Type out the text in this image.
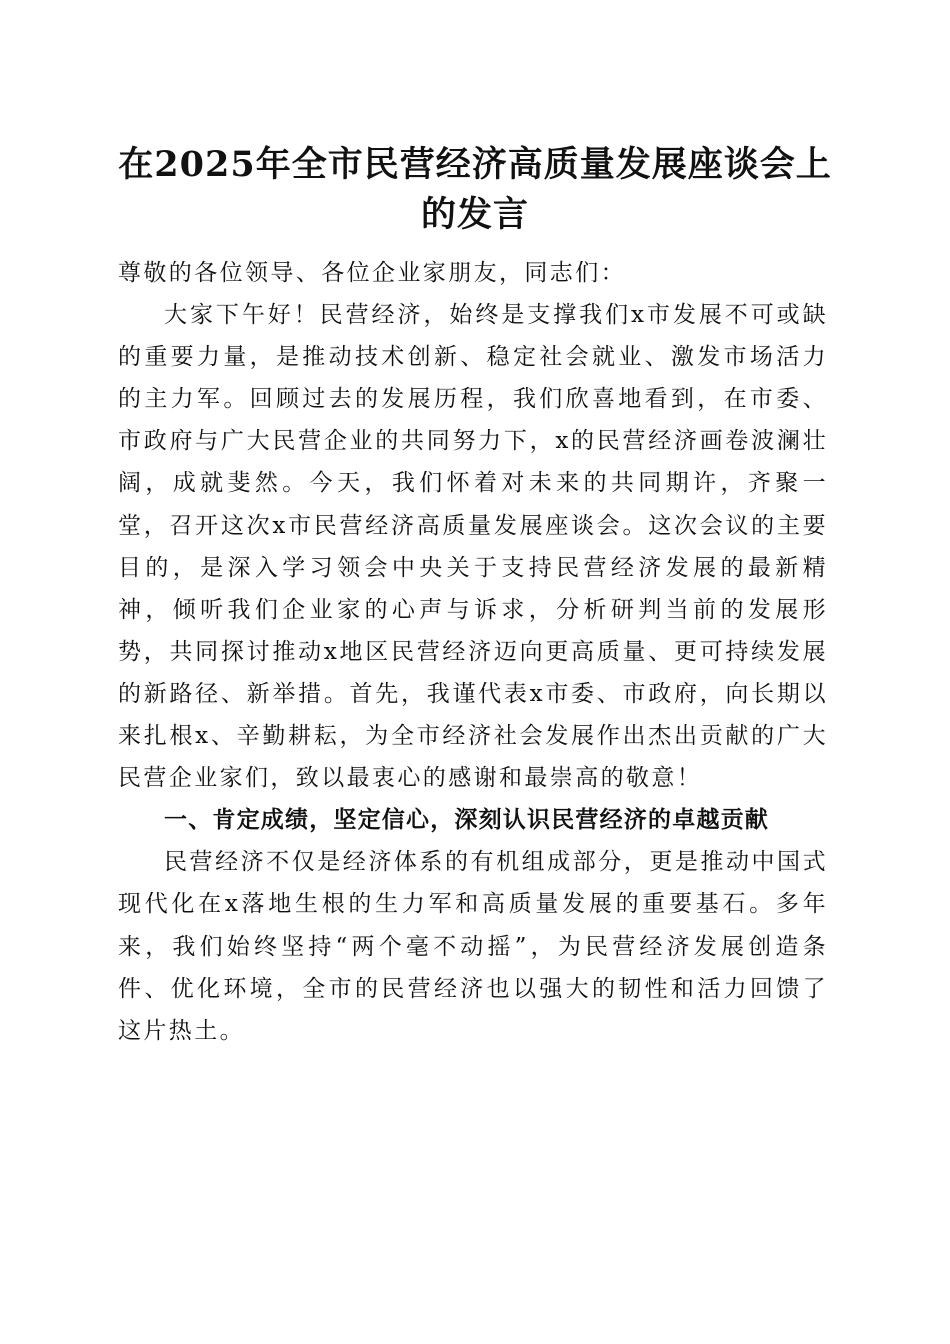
在2025年全市民营经济高质量发展座谈会上
的发言

尊敬的各位领导、各位企业家朋友，同志们：

大家下午好！民营经济，始终是支撑我们x市发展不可或缺的重要力量，是推动技术创新、稳定社会就业、激发市场活力的主力军。回顾过去的发展历程，我们欣喜地看到，在市委、市政府与广大民营企业的共同努力下，x的民营经济画卷波澜壮阔，成就斐然。今天，我们怀着对未来的共同期许，齐聚一堂，召开这次x市民营经济高质量发展座谈会。这次会议的主要目的，是深入学习领会中央关于支持民营经济发展的最新精神，倾听我们企业家的心声与诉求，分析研判当前的发展形势，共同探讨推动x地区民营经济迈向更高质量、更可持续发展的新路径、新举措。首先，我谨代表x市委、市政府，向长期以来扎根x、辛勤耕耘，为全市经济社会发展作出杰出贡献的广大民营企业家们，致以最衷心的感谢和最崇高的敬意！

一、肯定成绩，坚定信心，深刻认识民营经济的卓越贡献

民营经济不仅是经济体系的有机组成部分，更是推动中国式现代化在x落地生根的生力军和高质量发展的重要基石。多年来，我们始终坚持“两个毫不动摇”，为民营经济发展创造条件、优化环境，全市的民营经济也以强大的韧性和活力回馈了这片热土。
